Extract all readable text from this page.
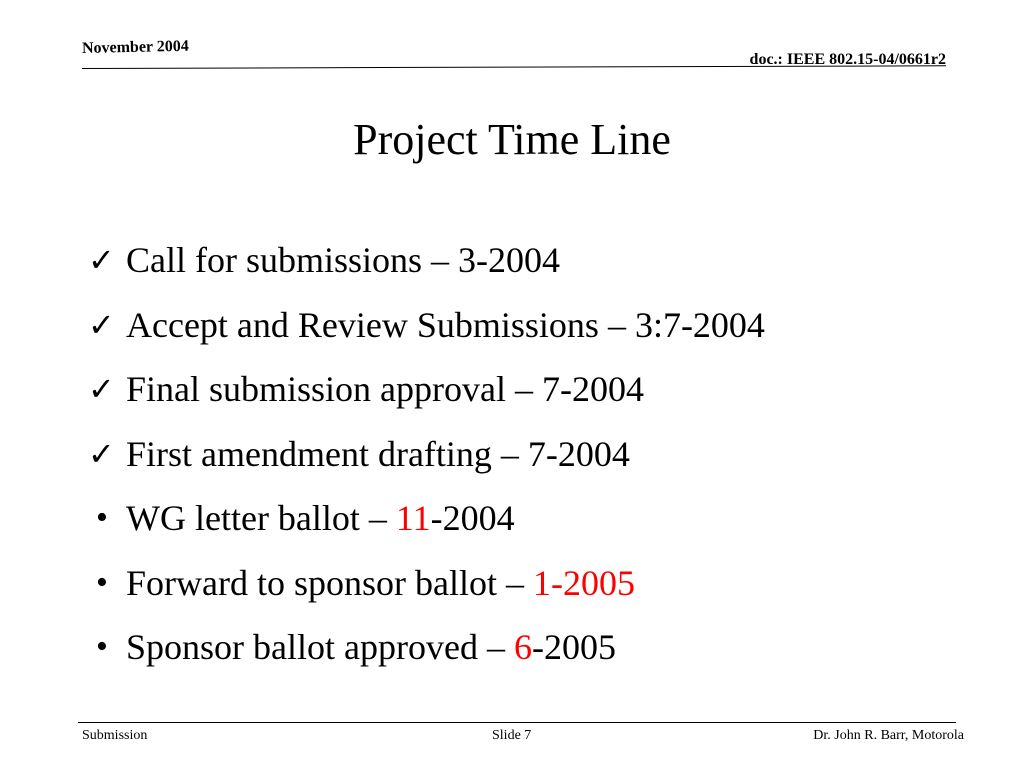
November 2004
doc.: IEEE 802.15-04/0661r2
Project Time Line
✓ Call for submissions – 3-2004
✓ Accept and Review Submissions – 3:7-2004
✓ Final submission approval – 7-2004
✓ First amendment drafting – 7-2004
• WG letter ballot – 11-2004
• Forward to sponsor ballot – 1-2005
• Sponsor ballot approved – 6-2005
Submission	Slide 7	Dr. John R. Barr, Motorola
